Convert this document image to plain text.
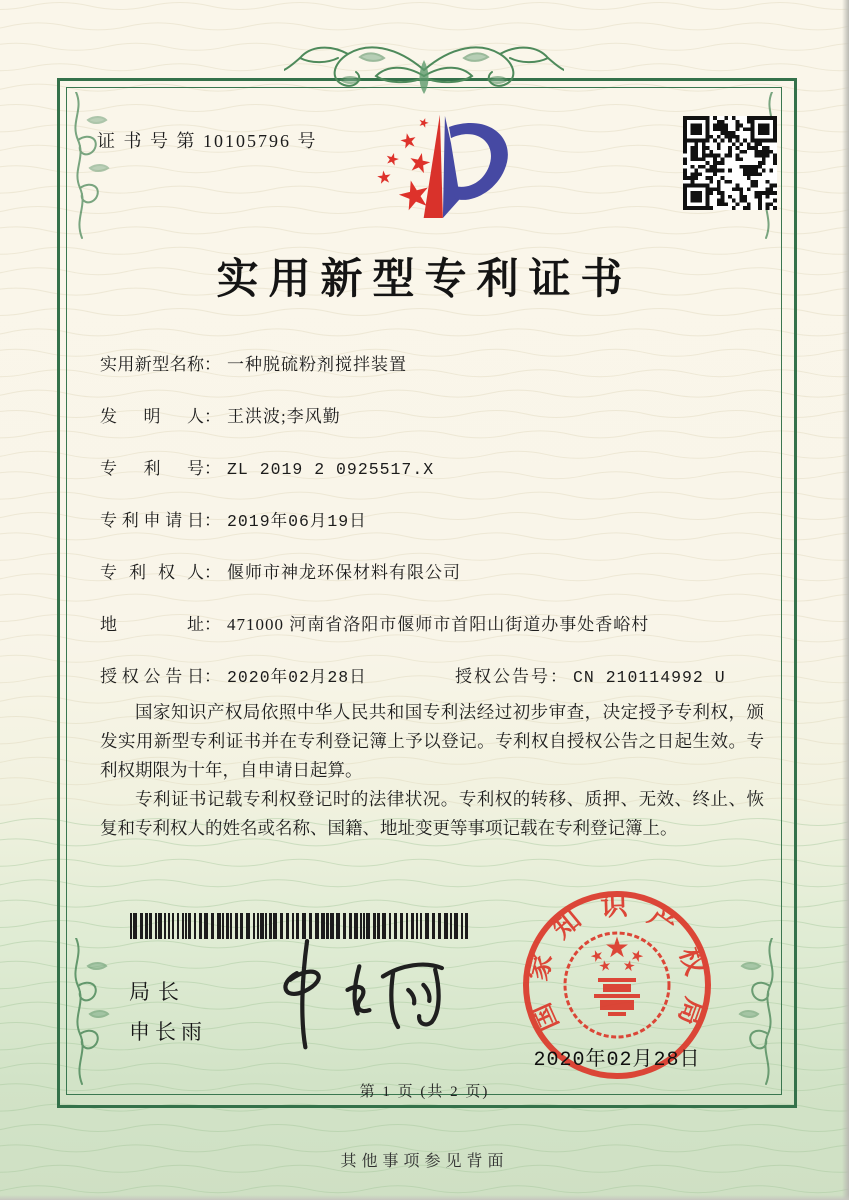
证 书 号 第 10105796 号
实用新型专利证书
实用新型名称： 一种脱硫粉剂搅拌装置
发明人： 王洪波;李风勤
专利号： ZL 2019 2 0925517.X
专利申请日： 2019年06月19日
专利权人： 偃师市神龙环保材料有限公司
地址： 471000 河南省洛阳市偃师市首阳山街道办事处香峪村
授权公告日： 2020年02月28日	授权公告号： CN 210114992 U

国家知识产权局依照中华人民共和国专利法经过初步审查，决定授予专利权，颁发实用新型专利证书并在专利登记簿上予以登记。专利权自授权公告之日起生效。专利权期限为十年，自申请日起算。

专利证书记载专利权登记时的法律状况。专利权的转移、质押、无效、终止、恢复和专利权人的姓名或名称、国籍、地址变更等事项记载在专利登记簿上。

局长
申长雨	国家知识产权局
2020年02月28日
第 1 页 (共 2 页)
其他事项参见背面
